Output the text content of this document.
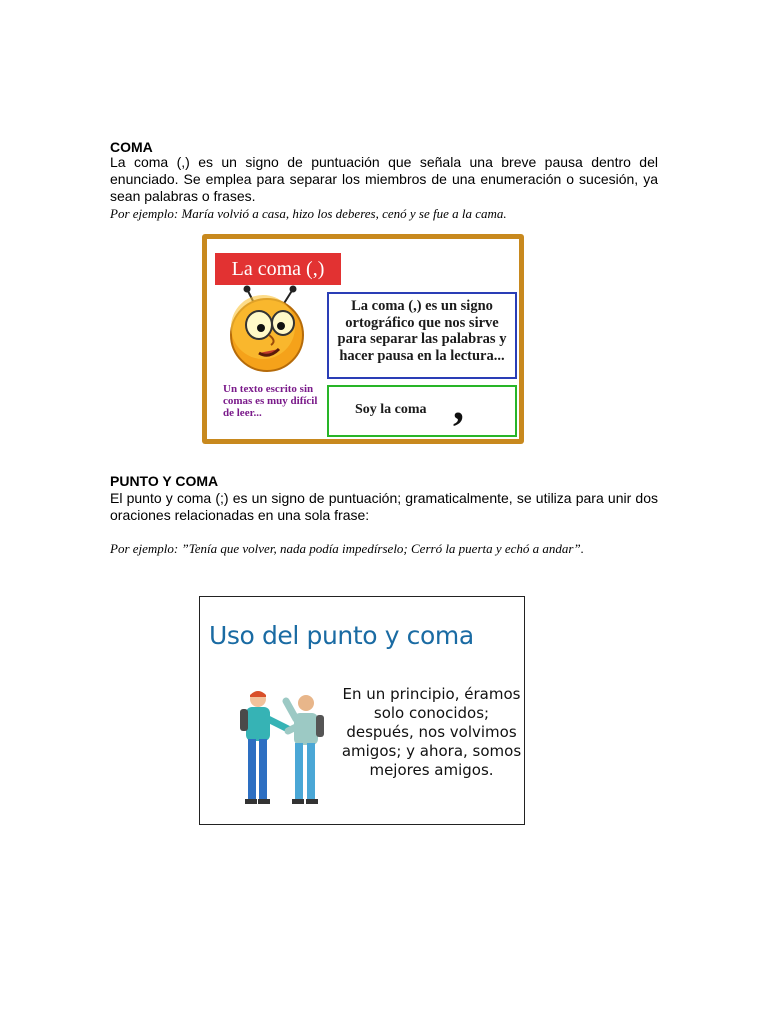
COMA
La coma (,) es un signo de puntuación que señala una breve pausa dentro del enunciado. Se emplea para separar los miembros de una enumeración o sucesión, ya sean palabras o frases.
Por ejemplo: María volvió a casa, hizo los deberes, cenó y se fue a la cama.
La coma (,)
Un texto escrito sin comas es muy difícil de leer...
La coma (,) es un signo ortográfico que nos sirve para separar las palabras y hacer pausa en la lectura...
Soy la coma ,
PUNTO Y COMA
El punto y coma (;) es un signo de puntuación; gramaticalmente, se utiliza para unir dos oraciones relacionadas en una sola frase:
Por ejemplo: ”Tenía que volver, nada podía impedírselo; Cerró la puerta y echó a andar”.
Uso del punto y coma
En un principio, éramos solo conocidos; después, nos volvimos amigos; y ahora, somos mejores amigos.
